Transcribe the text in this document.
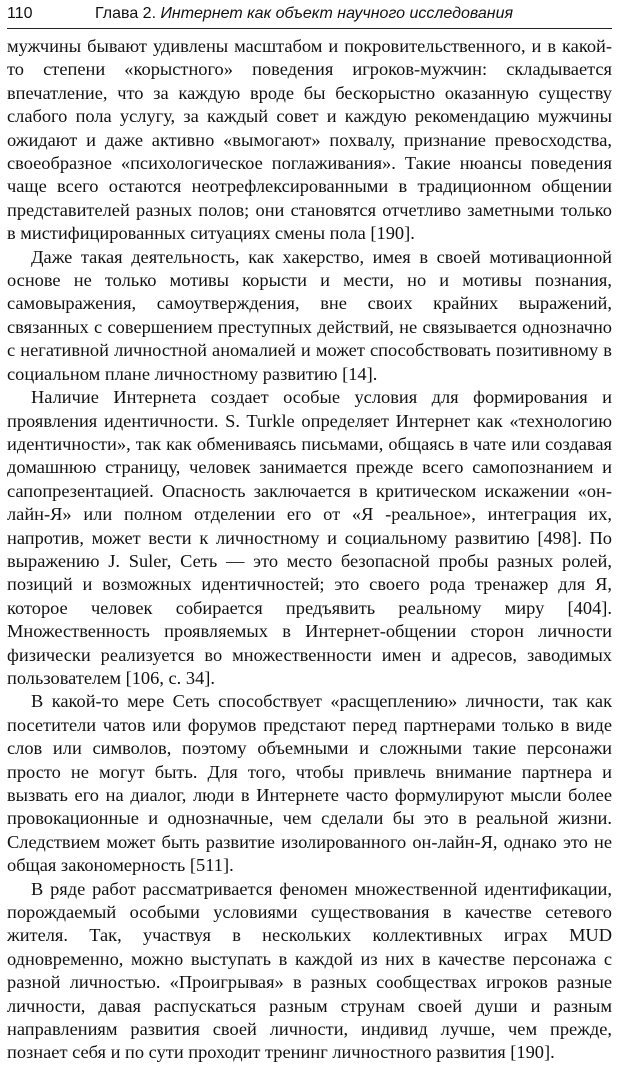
110	Глава 2. Интернет как объект научного исследования

мужчины бывают удивлены масштабом и покровительственного, и в какой-то степени «корыстного» поведения игроков-мужчин: складывается впечатление, что за каждую вроде бы бескорыстно оказанную существу слабого пола услугу, за каждый совет и каждую рекомендацию мужчины ожидают и даже активно «вымогают» похвалу, признание превосходства, своеобразное «психологическое поглаживания». Такие нюансы поведения чаще всего остаются неотрефлексированными в традиционном общении представителей разных полов; они становятся отчетливо заметными только в мистифицированных ситуациях смены пола [190].

Даже такая деятельность, как хакерство, имея в своей мотивационной основе не только мотивы корысти и мести, но и мотивы познания, самовыражения, самоутверждения, вне своих крайних выражений, связанных с совершением преступных действий, не связывается однозначно с негативной личностной аномалией и может способствовать позитивному в социальном плане личностному развитию [14].

Наличие Интернета создает особые условия для формирования и проявления идентичности. S. Turkle определяет Интернет как «технологию идентичности», так как обмениваясь письмами, общаясь в чате или создавая домашнюю страницу, человек занимается прежде всего самопознанием и сапопрезентацией. Опасность заключается в критическом искажении «он-лайн-Я» или полном отделении его от «Я -реальное», интеграция их, напротив, может вести к личностному и социальному развитию [498]. По выражению J. Suler, Сеть — это место безопасной пробы разных ролей, позиций и возможных идентичностей; это своего рода тренажер для Я, которое человек собирается предъявить реальному миру [404]. Множественность проявляемых в Интернет-общении сторон личности физически реализуется во множественности имен и адресов, заводимых пользователем [106, с. 34].

В какой-то мере Сеть способствует «расщеплению» личности, так как посетители чатов или форумов предстают перед партнерами только в виде слов или символов, поэтому объемными и сложными такие персонажи просто не могут быть. Для того, чтобы привлечь внимание партнера и вызвать его на диалог, люди в Интернете часто формулируют мысли более провокационные и однозначные, чем сделали бы это в реальной жизни. Следствием может быть развитие изолированного он-лайн-Я, однако это не общая закономерность [511].

В ряде работ рассматривается феномен множественной идентификации, порождаемый особыми условиями существования в качестве сетевого жителя. Так, участвуя в нескольких коллективных играх MUD одновременно, можно выступать в каждой из них в качестве персонажа с разной личностью. «Проигрывая» в разных сообществах игроков разные личности, давая распускаться разным струнам своей души и разным направлениям развития своей личности, индивид лучше, чем прежде, познает себя и по сути проходит тренинг личностного развития [190].
